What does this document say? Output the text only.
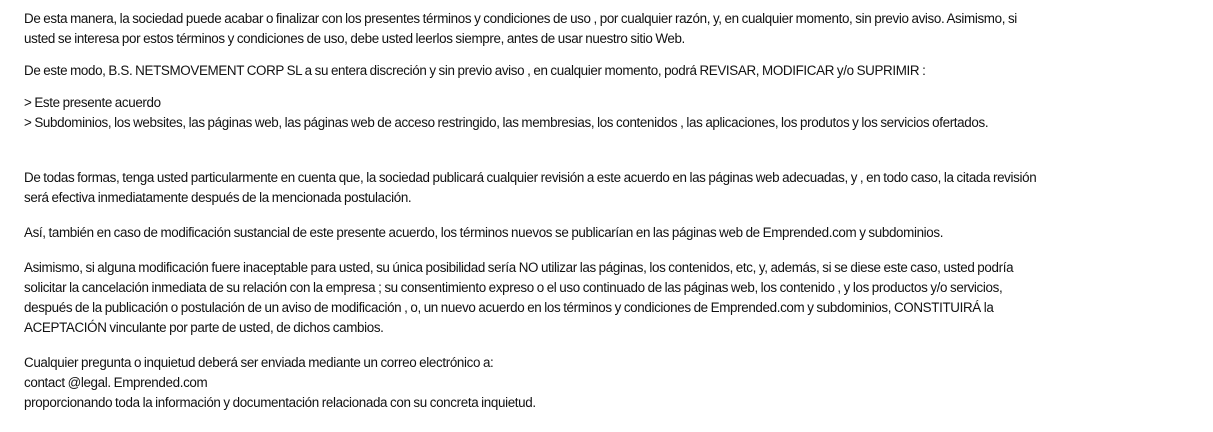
De esta manera, la sociedad puede acabar o finalizar con los presentes términos y condiciones de uso , por cualquier razón, y, en cualquier momento, sin previo aviso. Asimismo, si
usted se interesa por estos términos y condiciones de uso, debe usted leerlos siempre, antes de usar nuestro sitio Web.
De este modo, B.S. NETSMOVEMENT CORP SL a su entera discreción y sin previo aviso , en cualquier momento, podrá REVISAR, MODIFICAR y/o SUPRIMIR :
> Este presente acuerdo
> Subdominios, los websites, las páginas web, las páginas web de acceso restringido, las membresias, los contenidos , las aplicaciones, los produtos y los servicios ofertados.
De todas formas, tenga usted particularmente en cuenta que, la sociedad publicará cualquier revisión a este acuerdo en las páginas web adecuadas, y , en todo caso, la citada revisión
será efectiva inmediatamente después de la mencionada postulación.
Así, también en caso de modificación sustancial de este presente acuerdo, los términos nuevos se publicarían en las páginas web de Emprended.com y subdominios.
Asimismo, si alguna modificación fuere inaceptable para usted, su única posibilidad sería NO utilizar las páginas, los contenidos, etc, y, además, si se diese este caso, usted podría
solicitar la cancelación inmediata de su relación con la empresa ; su consentimiento expreso o el uso continuado de las páginas web, los contenido , y los productos y/o servicios,
después de la publicación o postulación de un aviso de modificación , o, un nuevo acuerdo en los términos y condiciones de Emprended.com y subdominios, CONSTITUIRÁ la
ACEPTACIÓN vinculante por parte de usted, de dichos cambios.
Cualquier pregunta o inquietud deberá ser enviada mediante un correo electrónico a:
contact @legal. Emprended.com
proporcionando toda la información y documentación relacionada con su concreta inquietud.
